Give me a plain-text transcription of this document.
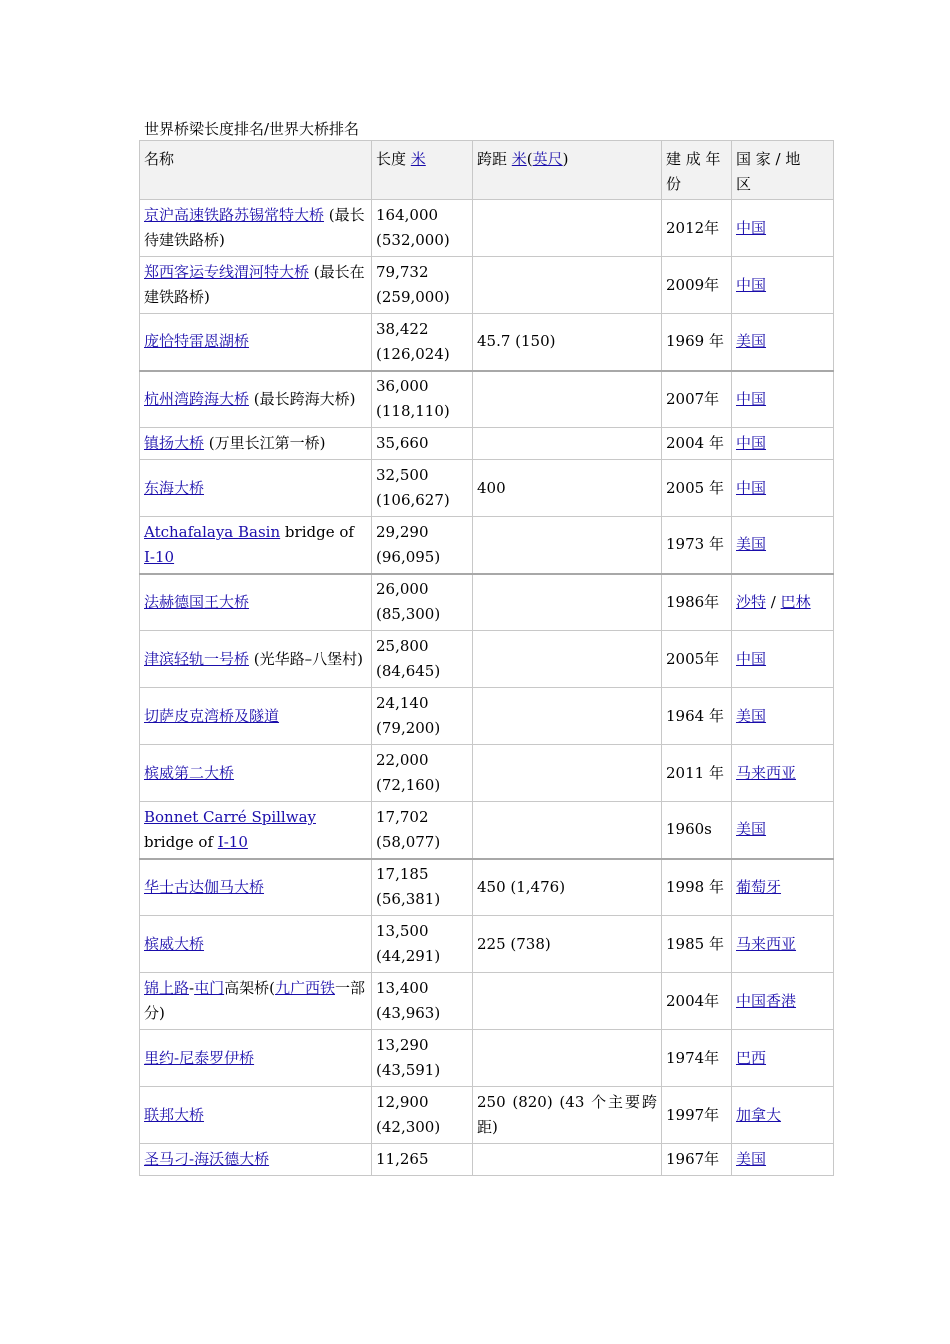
世界桥梁长度排名/世界大桥排名
名称	长度 米	跨距 米(英尺)	建 成 年份	国 家 / 地
区
京沪高速铁路苏锡常特大桥 (最长待建铁路桥)	164,000
(532,000)		2012年	中国
郑西客运专线渭河特大桥 (最长在建铁路桥)	79,732
(259,000)		2009年	中国
庞恰特雷恩湖桥	38,422
(126,024)	45.7 (150)	1969 年	美国
杭州湾跨海大桥 (最长跨海大桥)	36,000
(118,110)		2007年	中国
镇扬大桥 (万里长江第一桥)	35,660		2004 年	中国
东海大桥	32,500
(106,627)	400	2005 年	中国
Atchafalaya Basin bridge of I-10	29,290
(96,095)		1973 年	美国
法赫德国王大桥	26,000
(85,300)		1986年	沙特 / 巴林
津滨轻轨一号桥 (光华路–八堡村)	25,800
(84,645)		2005年	中国
切萨皮克湾桥及隧道	24,140
(79,200)		1964 年	美国
槟威第二大桥	22,000
(72,160)		2011 年	马来西亚
Bonnet Carré Spillway bridge of I-10	17,702
(58,077)		1960s	美国
华士古达伽马大桥	17,185
(56,381)	450 (1,476)	1998 年	葡萄牙
槟威大桥	13,500
(44,291)	225 (738)	1985 年	马来西亚
锦上路-屯门高架桥(九广西铁一部分)	13,400
(43,963)		2004年	中国香港
里约-尼泰罗伊桥	13,290
(43,591)		1974年	巴西
联邦大桥	12,900
(42,300)	250 (820) (43 个主要跨距)	1997年	加拿大
圣马刁-海沃德大桥	11,265		1967年	美国
